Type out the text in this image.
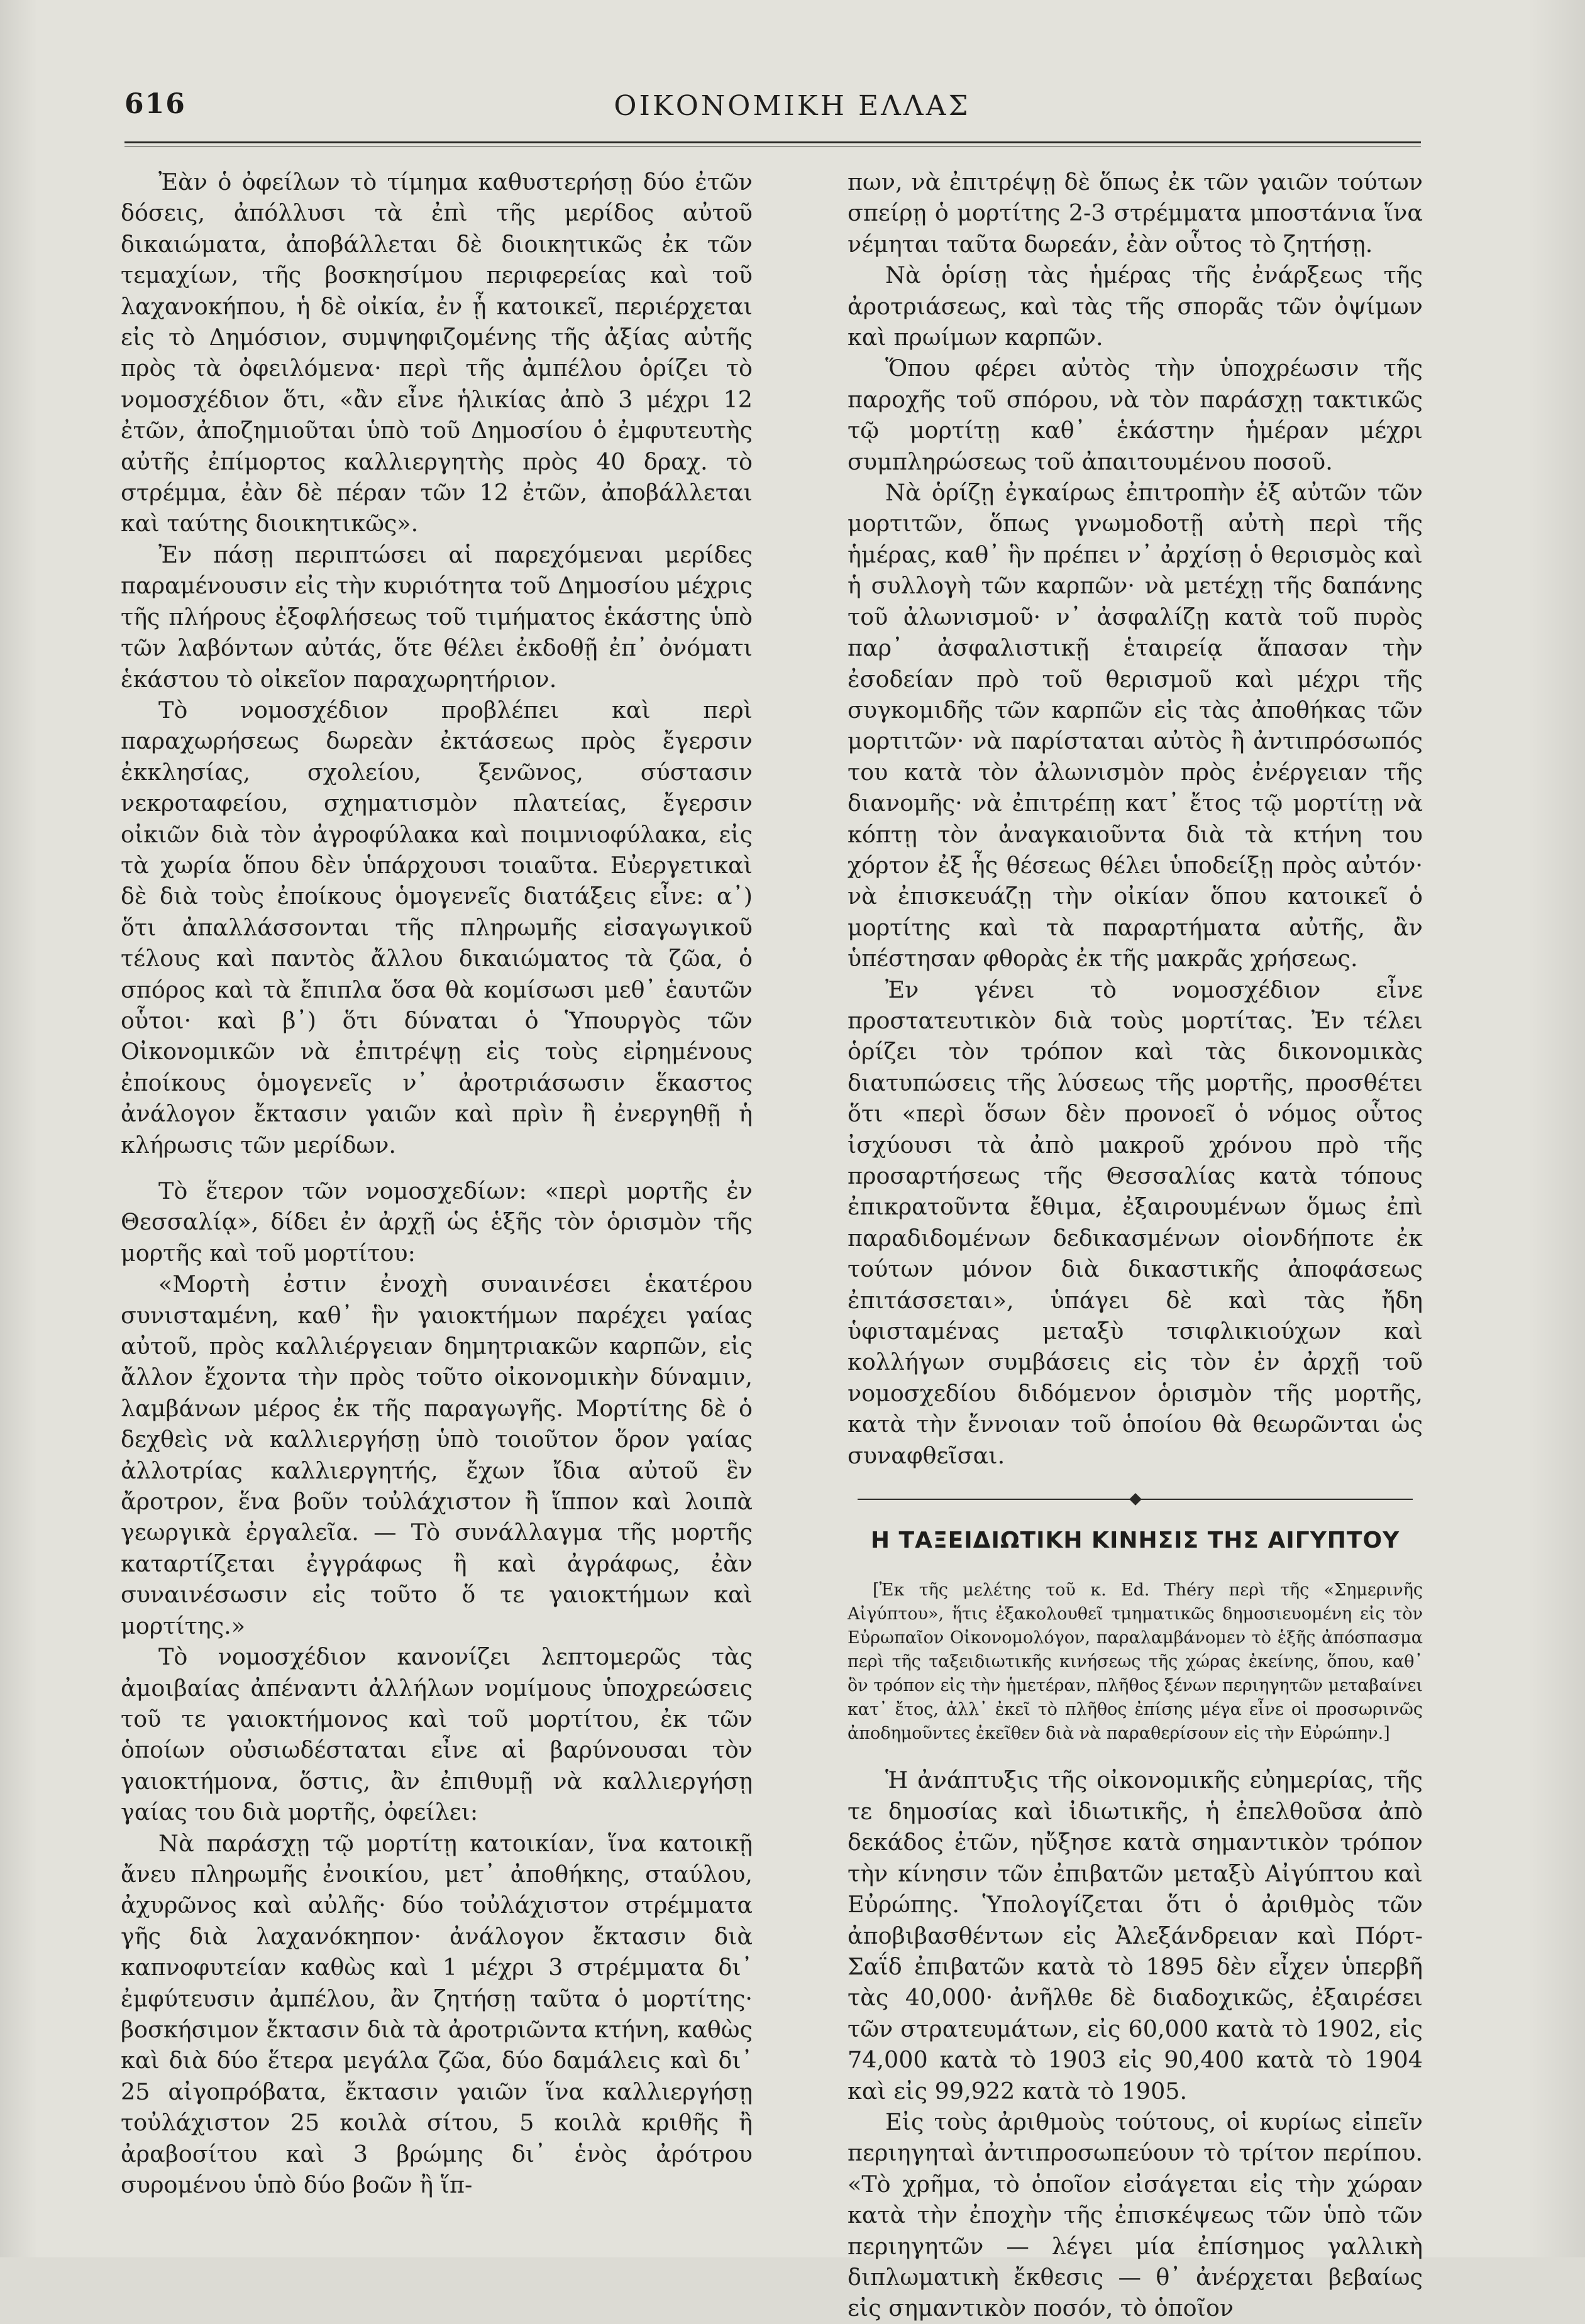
616	ΟΙΚΟΝΟΜΙΚΗ ΕΛΛΑΣ

Ἐὰν ὁ ὀφείλων τὸ τίμημα καθυστερήσῃ δύο ἐτῶν δόσεις, ἀπόλλυσι τὰ ἐπὶ τῆς μερίδος αὐτοῦ δικαιώματα, ἀποβάλλεται δὲ διοικητικῶς ἐκ τῶν τεμαχίων, τῆς βοσκησίμου περιφερείας καὶ τοῦ λαχανοκήπου, ἡ δὲ οἰκία, ἐν ᾗ κατοικεῖ, περιέρχεται εἰς τὸ Δημόσιον, συμψηφιζομένης τῆς ἀξίας αὐτῆς πρὸς τὰ ὀφειλόμενα· περὶ τῆς ἀμπέλου ὁρίζει τὸ νομοσχέδιον ὅτι, «ἂν εἶνε ἡλικίας ἀπὸ 3 μέχρι 12 ἐτῶν, ἀποζημιοῦται ὑπὸ τοῦ Δημοσίου ὁ ἐμφυτευτὴς αὐτῆς ἐπίμορτος καλλιεργητὴς πρὸς 40 δραχ. τὸ στρέμμα, ἐὰν δὲ πέραν τῶν 12 ἐτῶν, ἀποβάλλεται καὶ ταύτης διοικητικῶς».

Ἐν πάσῃ περιπτώσει αἱ παρεχόμεναι μερίδες παραμένουσιν εἰς τὴν κυριότητα τοῦ Δημοσίου μέχρις τῆς πλήρους ἐξοφλήσεως τοῦ τιμήματος ἑκάστης ὑπὸ τῶν λαβόντων αὐτάς, ὅτε θέλει ἐκδοθῇ ἐπ᾽ ὀνόματι ἑκάστου τὸ οἰκεῖον παραχωρητήριον.

Τὸ νομοσχέδιον προβλέπει καὶ περὶ παραχωρήσεως δωρεὰν ἐκτάσεως πρὸς ἔγερσιν ἐκκλησίας, σχολείου, ξενῶνος, σύστασιν νεκροταφείου, σχηματισμὸν πλατείας, ἔγερσιν οἰκιῶν διὰ τὸν ἀγροφύλακα καὶ ποιμνιοφύλακα, εἰς τὰ χωρία ὅπου δὲν ὑπάρχουσι τοιαῦτα. Εὐεργετικαὶ δὲ διὰ τοὺς ἐποίκους ὁμογενεῖς διατάξεις εἶνε: α᾽) ὅτι ἀπαλλάσσονται τῆς πληρωμῆς εἰσαγωγικοῦ τέλους καὶ παντὸς ἄλλου δικαιώματος τὰ ζῶα, ὁ σπόρος καὶ τὰ ἔπιπλα ὅσα θὰ κομίσωσι μεθ᾽ ἑαυτῶν οὗτοι· καὶ β᾽) ὅτι δύναται ὁ Ὑπουργὸς τῶν Οἰκονομικῶν νὰ ἐπιτρέψῃ εἰς τοὺς εἰρημένους ἐποίκους ὁμογενεῖς ν᾽ ἀροτριάσωσιν ἕκαστος ἀνάλογον ἔκτασιν γαιῶν καὶ πρὶν ἢ ἐνεργηθῇ ἡ κλήρωσις τῶν μερίδων.

Τὸ ἕτερον τῶν νομοσχεδίων: «περὶ μορτῆς ἐν Θεσσαλίᾳ», δίδει ἐν ἀρχῇ ὡς ἑξῆς τὸν ὁρισμὸν τῆς μορτῆς καὶ τοῦ μορτίτου:

«Μορτὴ ἐστιν ἐνοχὴ συναινέσει ἑκατέρου συνισταμένη, καθ᾽ ἣν γαιοκτήμων παρέχει γαίας αὐτοῦ, πρὸς καλλιέργειαν δημητριακῶν καρπῶν, εἰς ἄλλον ἔχοντα τὴν πρὸς τοῦτο οἰκονομικὴν δύναμιν, λαμβάνων μέρος ἐκ τῆς παραγωγῆς. Μορτίτης δὲ ὁ δεχθεὶς νὰ καλλιεργήσῃ ὑπὸ τοιοῦτον ὅρον γαίας ἀλλοτρίας καλλιεργητής, ἔχων ἴδια αὐτοῦ ἓν ἄροτρον, ἕνα βοῦν τοὐλάχιστον ἢ ἵππον καὶ λοιπὰ γεωργικὰ ἐργαλεῖα. — Τὸ συνάλλαγμα τῆς μορτῆς καταρτίζεται ἐγγράφως ἢ καὶ ἀγράφως, ἐὰν συναινέσωσιν εἰς τοῦτο ὅ τε γαιοκτήμων καὶ μορτίτης.»

Τὸ νομοσχέδιον κανονίζει λεπτομερῶς τὰς ἀμοιβαίας ἀπέναντι ἀλλήλων νομίμους ὑποχρεώσεις τοῦ τε γαιοκτήμονος καὶ τοῦ μορτίτου, ἐκ τῶν ὁποίων οὐσιωδέσταται εἶνε αἱ βαρύνουσαι τὸν γαιοκτήμονα, ὅστις, ἂν ἐπιθυμῇ νὰ καλλιεργήσῃ γαίας του διὰ μορτῆς, ὀφείλει:

Νὰ παράσχῃ τῷ μορτίτῃ κατοικίαν, ἵνα κατοικῇ ἄνευ πληρωμῆς ἐνοικίου, μετ᾽ ἀποθήκης, σταύλου, ἀχυρῶνος καὶ αὐλῆς· δύο τοὐλάχιστον στρέμματα γῆς διὰ λαχανόκηπον· ἀνάλογον ἔκτασιν διὰ καπνοφυτείαν καθὼς καὶ 1 μέχρι 3 στρέμματα δι᾽ ἐμφύτευσιν ἀμπέλου, ἂν ζητήσῃ ταῦτα ὁ μορτίτης· βοσκήσιμον ἔκτασιν διὰ τὰ ἀροτριῶντα κτήνη, καθὼς καὶ διὰ δύο ἕτερα μεγάλα ζῶα, δύο δαμάλεις καὶ δι᾽ 25 αἰγοπρόβατα, ἔκτασιν γαιῶν ἵνα καλλιεργήσῃ τοὐλάχιστον 25 κοιλὰ σίτου, 5 κοιλὰ κριθῆς ἢ ἀραβοσίτου καὶ 3 βρώμης δι᾽ ἑνὸς ἀρότρου συρομένου ὑπὸ δύο βοῶν ἢ ἵπ-

πων, νὰ ἐπιτρέψῃ δὲ ὅπως ἐκ τῶν γαιῶν τούτων σπείρῃ ὁ μορτίτης 2-3 στρέμματα μποστάνια ἵνα νέμηται ταῦτα δωρεάν, ἐὰν οὗτος τὸ ζητήσῃ.

Νὰ ὁρίσῃ τὰς ἡμέρας τῆς ἐνάρξεως τῆς ἀροτριάσεως, καὶ τὰς τῆς σπορᾶς τῶν ὀψίμων καὶ πρωίμων καρπῶν.

Ὅπου φέρει αὐτὸς τὴν ὑποχρέωσιν τῆς παροχῆς τοῦ σπόρου, νὰ τὸν παράσχῃ τακτικῶς τῷ μορτίτῃ καθ᾽ ἑκάστην ἡμέραν μέχρι συμπληρώσεως τοῦ ἀπαιτουμένου ποσοῦ.

Νὰ ὁρίζῃ ἐγκαίρως ἐπιτροπὴν ἐξ αὐτῶν τῶν μορτιτῶν, ὅπως γνωμοδοτῇ αὐτὴ περὶ τῆς ἡμέρας, καθ᾽ ἣν πρέπει ν᾽ ἀρχίσῃ ὁ θερισμὸς καὶ ἡ συλλογὴ τῶν καρπῶν· νὰ μετέχῃ τῆς δαπάνης τοῦ ἀλωνισμοῦ· ν᾽ ἀσφαλίζῃ κατὰ τοῦ πυρὸς παρ᾽ ἀσφαλιστικῇ ἑταιρείᾳ ἅπασαν τὴν ἐσοδείαν πρὸ τοῦ θερισμοῦ καὶ μέχρι τῆς συγκομιδῆς τῶν καρπῶν εἰς τὰς ἀποθήκας τῶν μορτιτῶν· νὰ παρίσταται αὐτὸς ἢ ἀντιπρόσωπός του κατὰ τὸν ἀλωνισμὸν πρὸς ἐνέργειαν τῆς διανομῆς· νὰ ἐπιτρέπῃ κατ᾽ ἔτος τῷ μορτίτῃ νὰ κόπτῃ τὸν ἀναγκαιοῦντα διὰ τὰ κτήνη του χόρτον ἐξ ἧς θέσεως θέλει ὑποδείξῃ πρὸς αὐτόν· νὰ ἐπισκευάζῃ τὴν οἰκίαν ὅπου κατοικεῖ ὁ μορτίτης καὶ τὰ παραρτήματα αὐτῆς, ἂν ὑπέστησαν φθορὰς ἐκ τῆς μακρᾶς χρήσεως.

Ἐν γένει τὸ νομοσχέδιον εἶνε προστατευτικὸν διὰ τοὺς μορτίτας. Ἐν τέλει ὁρίζει τὸν τρόπον καὶ τὰς δικονομικὰς διατυπώσεις τῆς λύσεως τῆς μορτῆς, προσθέτει ὅτι «περὶ ὅσων δὲν προνοεῖ ὁ νόμος οὗτος ἰσχύουσι τὰ ἀπὸ μακροῦ χρόνου πρὸ τῆς προσαρτήσεως τῆς Θεσσαλίας κατὰ τόπους ἐπικρατοῦντα ἔθιμα, ἐξαιρουμένων ὅμως ἐπὶ παραδιδομένων δεδικασμένων οἱονδήποτε ἐκ τούτων μόνον διὰ δικαστικῆς ἀποφάσεως ἐπιτάσσεται», ὑπάγει δὲ καὶ τὰς ἤδη ὑφισταμένας μεταξὺ τσιφλικιούχων καὶ κολλήγων συμβάσεις εἰς τὸν ἐν ἀρχῇ τοῦ νομοσχεδίου διδόμενον ὁρισμὸν τῆς μορτῆς, κατὰ τὴν ἔννοιαν τοῦ ὁποίου θὰ θεωρῶνται ὡς συναφθεῖσαι.

Η ΤΑΞΕΙΔΙΩΤΙΚΗ ΚΙΝΗΣΙΣ ΤΗΣ ΑΙΓΥΠΤΟΥ
[Ἐκ τῆς μελέτης τοῦ κ. Ed. Théry περὶ τῆς «Σημερινῆς Αἰγύπτου», ἥτις ἐξακολουθεῖ τμηματικῶς δημοσιευομένη εἰς τὸν Εὐρωπαῖον Οἰκονομολόγον, παραλαμβάνομεν τὸ ἑξῆς ἀπόσπασμα περὶ τῆς ταξειδιωτικῆς κινήσεως τῆς χώρας ἐκείνης, ὅπου, καθ᾽ ὃν τρόπον εἰς τὴν ἡμετέραν, πλῆθος ξένων περιηγητῶν μεταβαίνει κατ᾽ ἔτος, ἀλλ᾽ ἐκεῖ τὸ πλῆθος ἐπίσης μέγα εἶνε οἱ προσωρινῶς ἀποδημοῦντες ἐκεῖθεν διὰ νὰ παραθερίσουν εἰς τὴν Εὐρώπην.]

Ἡ ἀνάπτυξις τῆς οἰκονομικῆς εὐημερίας, τῆς τε δημοσίας καὶ ἰδιωτικῆς, ἡ ἐπελθοῦσα ἀπὸ δεκάδος ἐτῶν, ηὔξησε κατὰ σημαντικὸν τρόπον τὴν κίνησιν τῶν ἐπιβατῶν μεταξὺ Αἰγύπτου καὶ Εὐρώπης. Ὑπολογίζεται ὅτι ὁ ἀριθμὸς τῶν ἀποβιβασθέντων εἰς Ἀλεξάνδρειαν καὶ Πόρτ-Σαΐδ ἐπιβατῶν κατὰ τὸ 1895 δὲν εἶχεν ὑπερβῆ τὰς 40,000· ἀνῆλθε δὲ διαδοχικῶς, ἐξαιρέσει τῶν στρατευμάτων, εἰς 60,000 κατὰ τὸ 1902, εἰς 74,000 κατὰ τὸ 1903 εἰς 90,400 κατὰ τὸ 1904 καὶ εἰς 99,922 κατὰ τὸ 1905.

Εἰς τοὺς ἀριθμοὺς τούτους, οἱ κυρίως εἰπεῖν περιηγηταὶ ἀντιπροσωπεύουν τὸ τρίτον περίπου. «Τὸ χρῆμα, τὸ ὁποῖον εἰσάγεται εἰς τὴν χώραν κατὰ τὴν ἐποχὴν τῆς ἐπισκέψεως τῶν ὑπὸ τῶν περιηγητῶν — λέγει μία ἐπίσημος γαλλικὴ διπλωματικὴ ἔκθεσις — θ᾽ ἀνέρχεται βεβαίως εἰς σημαντικὸν ποσόν, τὸ ὁποῖον
